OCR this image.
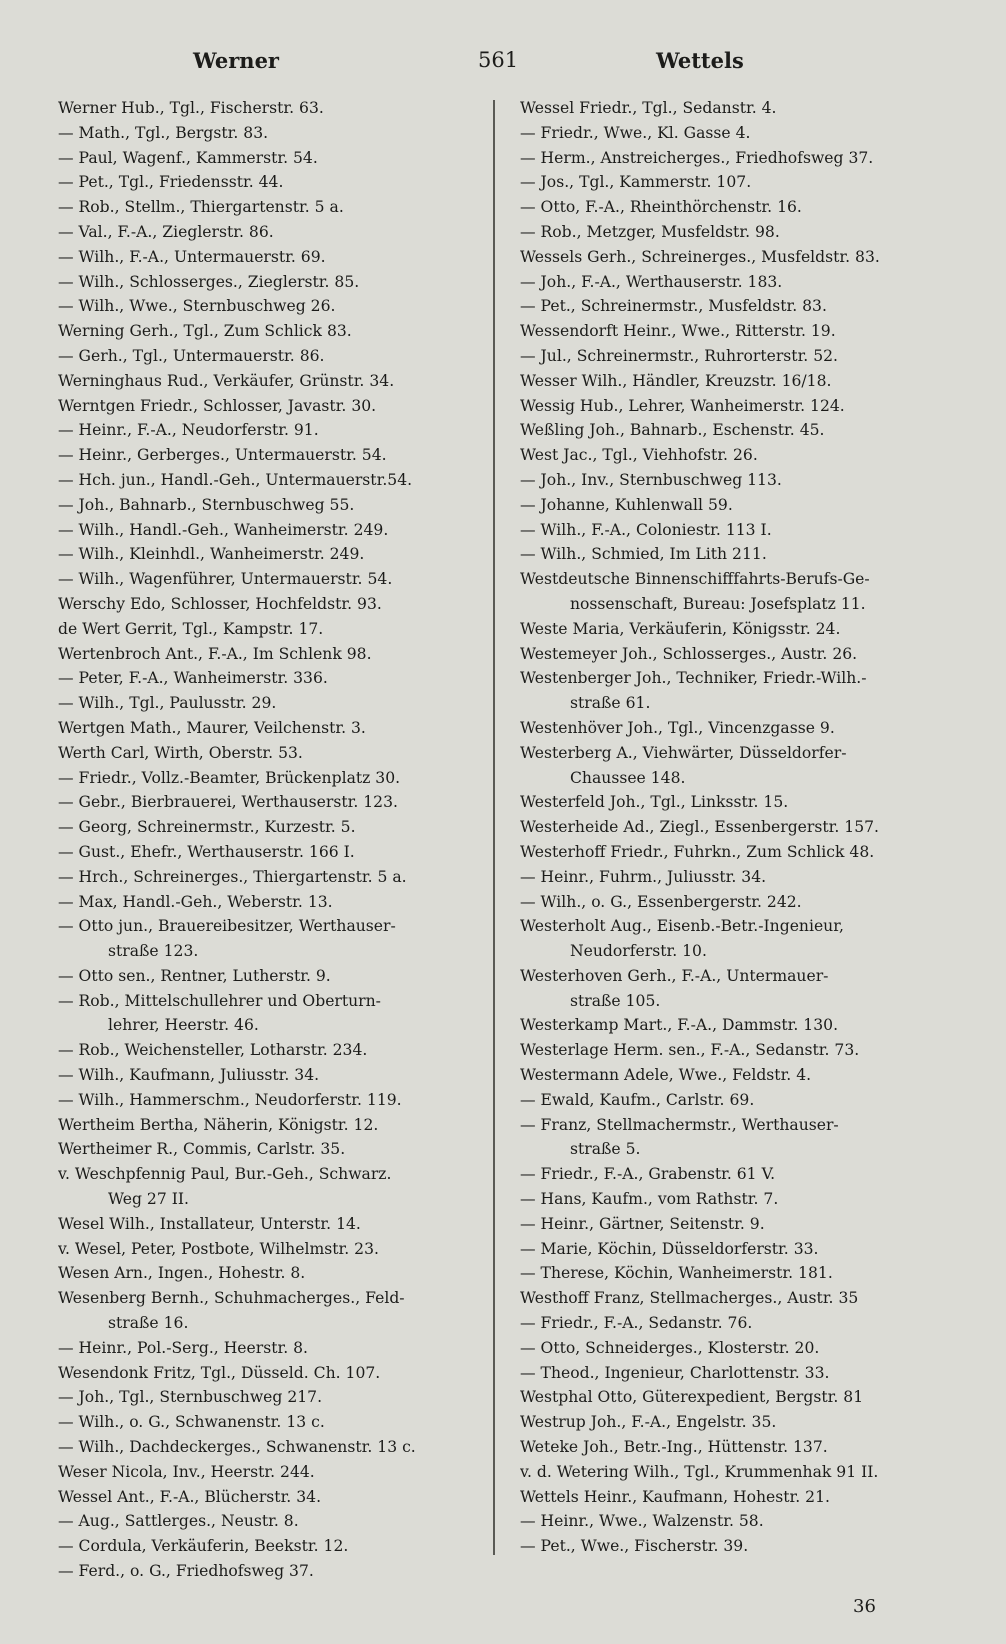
Werner	561	Wettels
Werner Hub., Tgl., Fischerstr. 63.
— Math., Tgl., Bergstr. 83.
— Paul, Wagenf., Kammerstr. 54.
— Pet., Tgl., Friedensstr. 44.
— Rob., Stellm., Thiergartenstr. 5 a.
— Val., F.-A., Zieglerstr. 86.
— Wilh., F.-A., Untermauerstr. 69.
— Wilh., Schlosserges., Zieglerstr. 85.
— Wilh., Wwe., Sternbuschweg 26.
Werning Gerh., Tgl., Zum Schlick 83.
— Gerh., Tgl., Untermauerstr. 86.
Werninghaus Rud., Verkäufer, Grünstr. 34.
Werntgen Friedr., Schlosser, Javastr. 30.
— Heinr., F.-A., Neudorferstr. 91.
— Heinr., Gerberges., Untermauerstr. 54.
— Hch. jun., Handl.-Geh., Untermauerstr.54.
— Joh., Bahnarb., Sternbuschweg 55.
— Wilh., Handl.-Geh., Wanheimerstr. 249.
— Wilh., Kleinhdl., Wanheimerstr. 249.
— Wilh., Wagenführer, Untermauerstr. 54.
Werschy Edo, Schlosser, Hochfeldstr. 93.
de Wert Gerrit, Tgl., Kampstr. 17.
Wertenbroch Ant., F.-A., Im Schlenk 98.
— Peter, F.-A., Wanheimerstr. 336.
— Wilh., Tgl., Paulusstr. 29.
Wertgen Math., Maurer, Veilchenstr. 3.
Werth Carl, Wirth, Oberstr. 53.
— Friedr., Vollz.-Beamter, Brückenplatz 30.
— Gebr., Bierbrauerei, Werthauserstr. 123.
— Georg, Schreinermstr., Kurzestr. 5.
— Gust., Ehefr., Werthauserstr. 166 I.
— Hrch., Schreinerges., Thiergartenstr. 5 a.
— Max, Handl.-Geh., Weberstr. 13.
— Otto jun., Brauereibesitzer, Werthauser-
straße 123.
— Otto sen., Rentner, Lutherstr. 9.
— Rob., Mittelschullehrer und Oberturn-
lehrer, Heerstr. 46.
— Rob., Weichensteller, Lotharstr. 234.
— Wilh., Kaufmann, Juliusstr. 34.
— Wilh., Hammerschm., Neudorferstr. 119.
Wertheim Bertha, Näherin, Königstr. 12.
Wertheimer R., Commis, Carlstr. 35.
v. Weschpfennig Paul, Bur.-Geh., Schwarz.
Weg 27 II.
Wesel Wilh., Installateur, Unterstr. 14.
v. Wesel, Peter, Postbote, Wilhelmstr. 23.
Wesen Arn., Ingen., Hohestr. 8.
Wesenberg Bernh., Schuhmacherges., Feld-
straße 16.
— Heinr., Pol.-Serg., Heerstr. 8.
Wesendonk Fritz, Tgl., Düsseld. Ch. 107.
— Joh., Tgl., Sternbuschweg 217.
— Wilh., o. G., Schwanenstr. 13 c.
— Wilh., Dachdeckerges., Schwanenstr. 13 c.
Weser Nicola, Inv., Heerstr. 244.
Wessel Ant., F.-A., Blücherstr. 34.
— Aug., Sattlerges., Neustr. 8.
— Cordula, Verkäuferin, Beekstr. 12.
— Ferd., o. G., Friedhofsweg 37.
Wessel Friedr., Tgl., Sedanstr. 4.
— Friedr., Wwe., Kl. Gasse 4.
— Herm., Anstreicherges., Friedhofsweg 37.
— Jos., Tgl., Kammerstr. 107.
— Otto, F.-A., Rheinthörchenstr. 16.
— Rob., Metzger, Musfeldstr. 98.
Wessels Gerh., Schreinerges., Musfeldstr. 83.
— Joh., F.-A., Werthauserstr. 183.
— Pet., Schreinermstr., Musfeldstr. 83.
Wessendorft Heinr., Wwe., Ritterstr. 19.
— Jul., Schreinermstr., Ruhrorterstr. 52.
Wesser Wilh., Händler, Kreuzstr. 16/18.
Wessig Hub., Lehrer, Wanheimerstr. 124.
Weßling Joh., Bahnarb., Eschenstr. 45.
West Jac., Tgl., Viehhofstr. 26.
— Joh., Inv., Sternbuschweg 113.
— Johanne, Kuhlenwall 59.
— Wilh., F.-A., Coloniestr. 113 I.
— Wilh., Schmied, Im Lith 211.
Westdeutsche Binnenschifffahrts-Berufs-Ge-
nossenschaft, Bureau: Josefsplatz 11.
Weste Maria, Verkäuferin, Königsstr. 24.
Westemeyer Joh., Schlosserges., Austr. 26.
Westenberger Joh., Techniker, Friedr.-Wilh.-
straße 61.
Westenhöver Joh., Tgl., Vincenzgasse 9.
Westerberg A., Viehwärter, Düsseldorfer-
Chaussee 148.
Westerfeld Joh., Tgl., Linksstr. 15.
Westerheide Ad., Ziegl., Essenbergerstr. 157.
Westerhoff Friedr., Fuhrkn., Zum Schlick 48.
— Heinr., Fuhrm., Juliusstr. 34.
— Wilh., o. G., Essenbergerstr. 242.
Westerholt Aug., Eisenb.-Betr.-Ingenieur,
Neudorferstr. 10.
Westerhoven Gerh., F.-A., Untermauer-
straße 105.
Westerkamp Mart., F.-A., Dammstr. 130.
Westerlage Herm. sen., F.-A., Sedanstr. 73.
Westermann Adele, Wwe., Feldstr. 4.
— Ewald, Kaufm., Carlstr. 69.
— Franz, Stellmachermstr., Werthauser-
straße 5.
— Friedr., F.-A., Grabenstr. 61 V.
— Hans, Kaufm., vom Rathstr. 7.
— Heinr., Gärtner, Seitenstr. 9.
— Marie, Köchin, Düsseldorferstr. 33.
— Therese, Köchin, Wanheimerstr. 181.
Westhoff Franz, Stellmacherges., Austr. 35
— Friedr., F.-A., Sedanstr. 76.
— Otto, Schneiderges., Klosterstr. 20.
— Theod., Ingenieur, Charlottenstr. 33.
Westphal Otto, Güterexpedient, Bergstr. 81
Westrup Joh., F.-A., Engelstr. 35.
Weteke Joh., Betr.-Ing., Hüttenstr. 137.
v. d. Wetering Wilh., Tgl., Krummenhak 91 II.
Wettels Heinr., Kaufmann, Hohestr. 21.
— Heinr., Wwe., Walzenstr. 58.
— Pet., Wwe., Fischerstr. 39.
36
